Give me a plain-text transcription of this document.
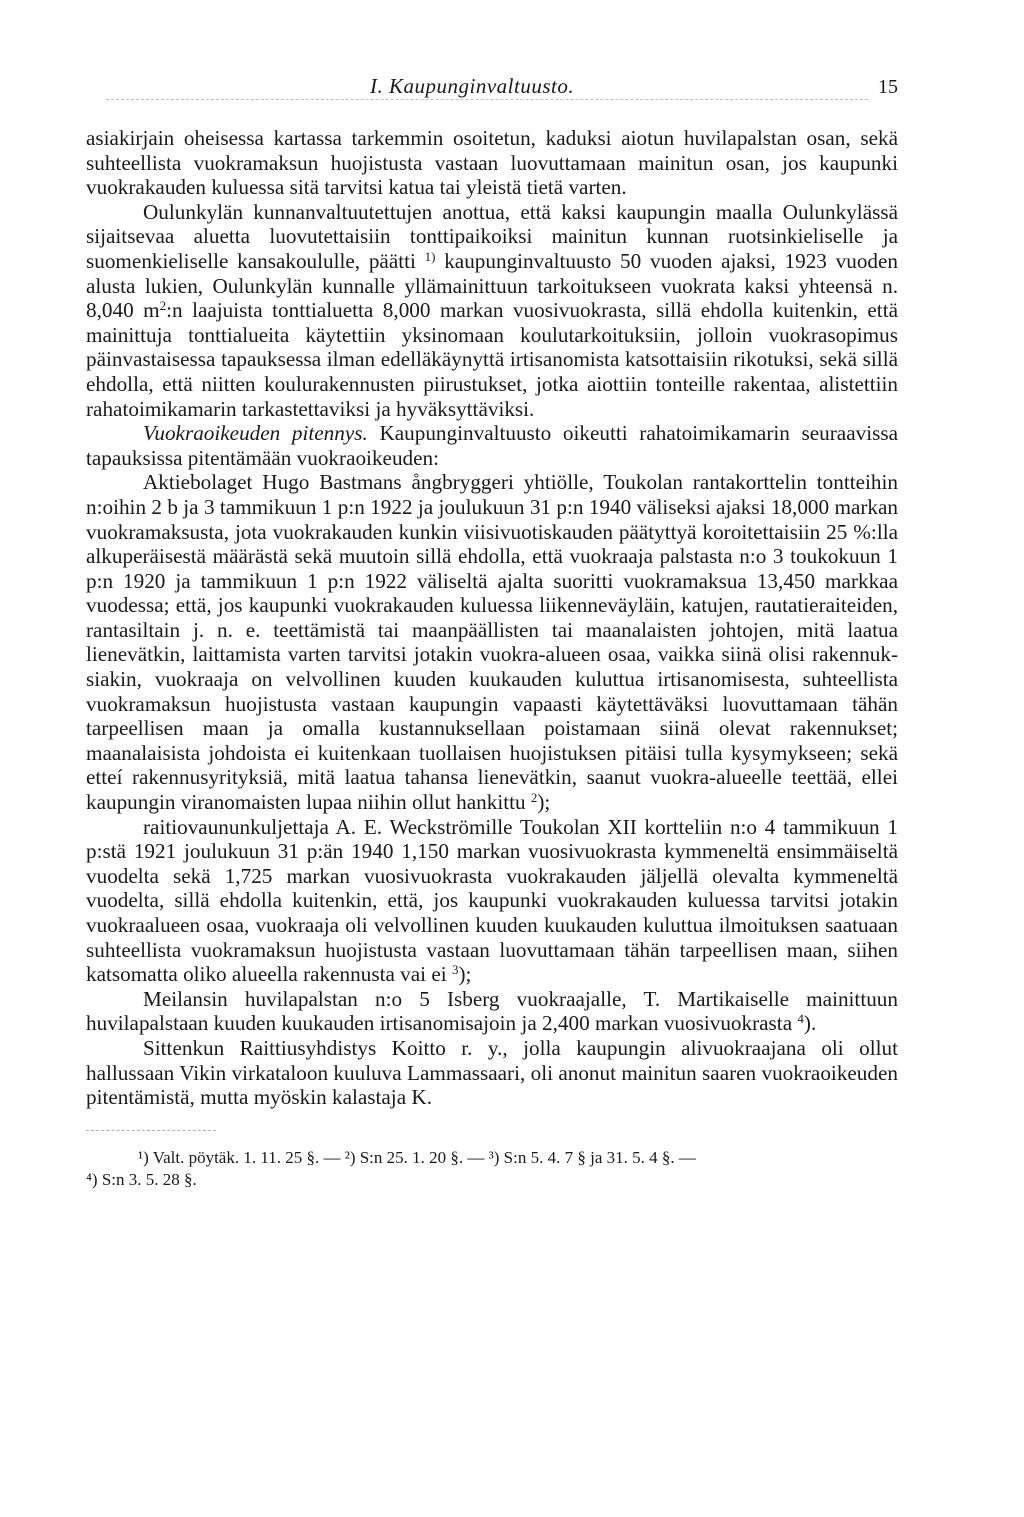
I. Kaupunginvaltuusto.	15

asiakirjain oheisessa kartassa tarkemmin osoitetun, kaduksi aiotun huvilapalstan osan, sekä suhteellista vuokramaksun huojistusta vastaan luovuttamaan mainitun osan, jos kaupunki vuokrakauden kuluessa sitä tarvitsi katua tai yleistä tietä varten.

Oulunkylän kunnanvaltuutettujen anottua, että kaksi kaupungin maalla Oulunkylässä sijaitsevaa aluetta luovutettaisiin tonttipaikoiksi mainitun kunnan ruotsinkieliselle ja suomenkieliselle kansakoululle, päätti $^{1)}$ kaupunginvaltuusto 50 vuoden ajaksi, 1923 vuoden alusta lukien, Oulunkylän kunnalle yllämainittuun tarkoitukseen vuokrata kaksi yhteensä n. 8,040 $m^2:n$ laajuista tonttialuetta 8,000 markan vuosivuokrasta, sillä ehdolla kuitenkin, että mainittuja tonttialueita käytettiin yksinomaan koulutarkoituksiin, jolloin vuokrasopimus päinvastaisessa tapauksessa ilman edelläkäynyttä irtisanomista katsottaisiin rikotuksi, sekä sillä ehdolla, että niitten koulurakennusten piirustukset, jotka aiottiin tonteille rakentaa, alistettiin rahatoimikamarin tarkastettaviksi ja hyväksyttäviksi.

Vuokraoikeuden pitennys. Kaupunginvaltuusto oikeutti rahatoimikamarin seuraavissa tapauksissa pitentämään vuokraoikeuden:

Aktiebolaget Hugo Bastmans ångbryggeri yhtiölle, Toukolan rantakorttelin tontteihin n:oihin 2 b ja 3 tammikuun 1 p:n 1922 ja joulukuun 31 p:n 1940 väliseksi ajaksi 18,000 markan vuokramaksusta, jota vuokrakauden kunkin viisivuotiskauden päätyttyä koroitettaisiin 25 %:lla alkuperäisestä määrästä sekä muutoin sillä ehdolla, että vuokraaja palstasta n:o 3 toukokuun 1 p:n 1920 ja tammikuun 1 p:n 1922 väliseltä ajalta suoritti vuokramaksua 13,450 markkaa vuodessa; että, jos kaupunki vuokrakauden kuluessa liikenneväyläin, katujen, rautatieraiteiden, rantasiltain j. n. e. teettämistä tai maanpäällisten tai maanalaisten johtojen, mitä laatua lienevätkin, laittamista varten tarvitsi jotakin vuokra-alueen osaa, vaikka siinä olisi rakennuksiakin, vuokraaja on velvollinen kuuden kuukauden kuluttua irtisanomisesta, suhteellista vuokramaksun huojistusta vastaan kaupungin vapaasti käytettäväksi luovuttamaan tähän tarpeellisen maan ja omalla kustannuksellaan poistamaan siinä olevat rakennukset; maanalaisista johdoista ei kuitenkaan tuollaisen huojistuksen pitäisi tulla kysymykseen; sekä etteí rakennusyrityksiä, mitä laatua tahansa lienevätkin, saanut vuokra-alueelle teettää, ellei kaupungin viranomaisten lupaa niihin ollut hankittu $^2$);

raitiovaununkuljettaja A. E. Weckströmille Toukolan XII kortteliin n:o 4 tammikuun 1 p:stä 1921 joulukuun 31 p:än 1940 1,150 markan vuosivuokrasta kymmeneltä ensimmäiseltä vuodelta sekä 1,725 markan vuosivuokrasta vuokrakauden jäljellä olevalta kymmeneltä vuodelta, sillä ehdolla kuitenkin, että, jos kaupunki vuokrakauden kuluessa tarvitsi jotakin vuokraalueen osaa, vuokraaja oli velvollinen kuuden kuukauden kuluttua ilmoituksen saatuaan suhteellista vuokramaksun huojistusta vastaan luovuttamaan tähän tarpeellisen maan, siihen katsomatta oliko alueella rakennusta vai ei $^3$);

Meilansin huvilapalstan n:o 5 Isberg vuokraajalle, T. Martikaiselle mainittuun huvilapalstaan kuuden kuukauden irtisanomisajoin ja 2,400 markan vuosivuokrasta $^4$).

Sittenkun Raittiusyhdistys Koitto r. y., jolla kaupungin alivuokraajana oli ollut hallussaan Vikin virkataloon kuuluva Lammassaari, oli anonut mainitun saaren vuokraoikeuden pitentämistä, mutta myöskin kalastaja K.

¹) Valt. pöytäk. 1. 11. 25 §. — ²) S:n 25. 1. 20 §. — ³) S:n 5. 4. 7 § ja 31. 5. 4 §. —
⁴) S:n 3. 5. 28 §.
